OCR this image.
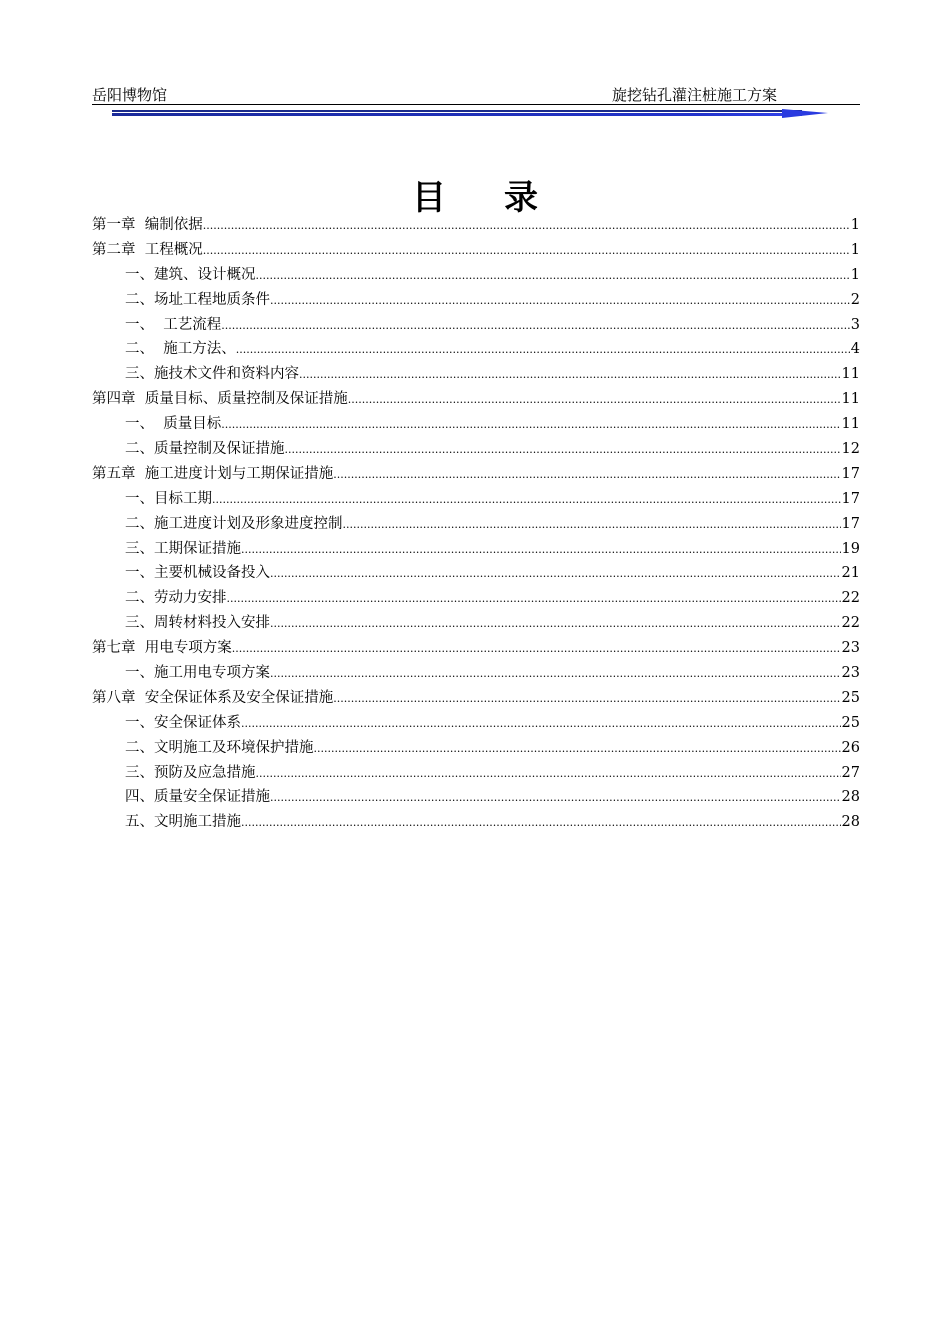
岳阳博物馆	旋挖钻孔灌注桩施工方案
目录
第一章  编制依据 .....	1
第二章  工程概况 .....	1
一、建筑、设计概况 .....	1
二、场址工程地质条件 .....	2
一、  工艺流程 .....	3
二、  施工方法、 .....	4
三、施技术文件和资料内容 .....	11
第四章  质量目标、质量控制及保证措施 .....	11
一、  质量目标 .....	11
二、质量控制及保证措施 .....	12
第五章  施工进度计划与工期保证措施 .....	17
一、目标工期 .....	17
二、施工进度计划及形象进度控制 .....	17
三、工期保证措施 .....	19
一、主要机械设备投入 .....	21
二、劳动力安排 .....	22
三、周转材料投入安排 .....	22
第七章  用电专项方案 .....	23
一、施工用电专项方案 .....	23
第八章  安全保证体系及安全保证措施 .....	25
一、安全保证体系 .....	25
二、文明施工及环境保护措施 .....	26
三、预防及应急措施 .....	27
四、质量安全保证措施 .....	28
五、文明施工措施 .....	28
